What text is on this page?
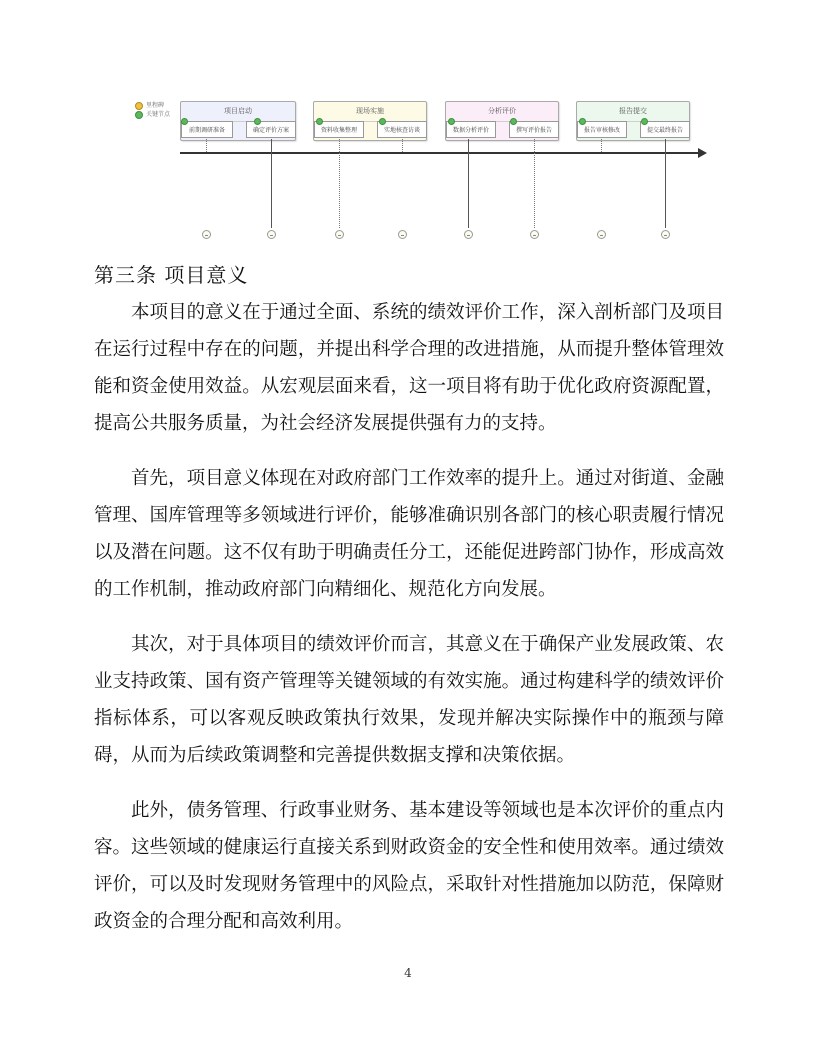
里程碑
关键节点	项目启动
前期调研准备	确定评价方案
现场实施
资料收集整理	实地核查访谈
分析评价
数据分析评价	撰写评价报告
报告提交
报告审核修改	提交最终报告
第三条 项目意义

本项目的意义在于通过全面、系统的绩效评价工作，深入剖析部门及项目在运行过程中存在的问题，并提出科学合理的改进措施，从而提升整体管理效能和资金使用效益。从宏观层面来看，这一项目将有助于优化政府资源配置，提高公共服务质量，为社会经济发展提供强有力的支持。

首先，项目意义体现在对政府部门工作效率的提升上。通过对街道、金融管理、国库管理等多领域进行评价，能够准确识别各部门的核心职责履行情况以及潜在问题。这不仅有助于明确责任分工，还能促进跨部门协作，形成高效的工作机制，推动政府部门向精细化、规范化方向发展。

其次，对于具体项目的绩效评价而言，其意义在于确保产业发展政策、农业支持政策、国有资产管理等关键领域的有效实施。通过构建科学的绩效评价指标体系，可以客观反映政策执行效果，发现并解决实际操作中的瓶颈与障碍，从而为后续政策调整和完善提供数据支撑和决策依据。

此外，债务管理、行政事业财务、基本建设等领域也是本次评价的重点内容。这些领域的健康运行直接关系到财政资金的安全性和使用效率。通过绩效评价，可以及时发现财务管理中的风险点，采取针对性措施加以防范，保障财政资金的合理分配和高效利用。

4
